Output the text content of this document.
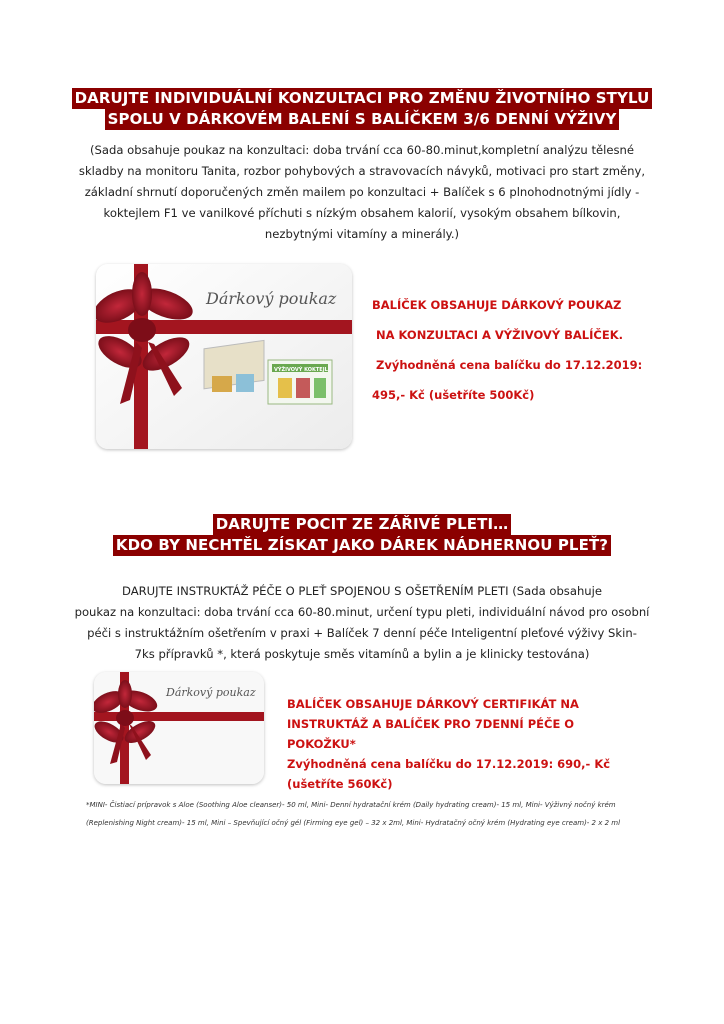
DARUJTE INDIVIDUÁLNÍ KONZULTACI PRO ZMĚNU ŽIVOTNÍHO STYLU
SPOLU V DÁRKOVÉM BALENÍ S BALÍČKEM 3/6 DENNÍ VÝŽIVY
(Sada obsahuje poukaz na konzultaci: doba trvání cca 60-80.minut,kompletní analýzu tělesné
skladby na monitoru Tanita, rozbor pohybových a stravovacích návyků, motivaci pro start změny,
základní shrnutí doporučených změn mailem po konzultaci + Balíček s 6 plnohodnotnými jídly -
koktejlem F1 ve vanilkové příchuti s nízkým obsahem kalorií, vysokým obsahem bílkovin,
nezbytnými vitamíny a minerály.)
Dárkový poukaz
VÝŽIVOVÝ KOKTEJL
BALÍČEK OBSAHUJE DÁRKOVÝ POUKAZ
NA KONZULTACI A VÝŽIVOVÝ BALÍČEK.
Zvýhodněná cena balíčku do 17.12.2019:
495,- Kč (ušetříte 500Kč)
DARUJTE POCIT ZE ZÁŘIVÉ PLETI…
KDO BY NECHTĚL ZÍSKAT JAKO DÁREK NÁDHERNOU PLEŤ?
DARUJTE INSTRUKTÁŽ PÉČE O PLEŤ SPOJENOU S OŠETŘENÍM PLETI (Sada obsahuje
poukaz na konzultaci: doba trvání cca 60-80.minut, určení typu pleti, individuální návod pro osobní
péči s instruktážním ošetřením v praxi + Balíček 7 denní péče Inteligentní pleťové výživy Skin-
7ks přípravků *, která poskytuje směs vitamínů a bylin a je klinicky testována)
Dárkový poukaz
BALÍČEK OBSAHUJE DÁRKOVÝ CERTIFIKÁT NA
INSTRUKTÁŽ A BALÍČEK PRO 7DENNÍ PÉČE O
POKOŽKU*
Zvýhodněná cena balíčku do 17.12.2019: 690,- Kč
(ušetříte 560Kč)
*MINI- Čistiací prípravok s Aloe (Soothing Aloe cleanser)- 50 ml, Mini- Denní hydratační krém (Daily hydrating cream)- 15 ml, Mini- Výživný nočný krém
(Replenishing Night cream)- 15 ml, Mini – Spevňující očný gél (Firming eye gel) – 32 x 2ml, Mini- Hydratačný očný krém (Hydrating eye cream)- 2 x 2 ml
